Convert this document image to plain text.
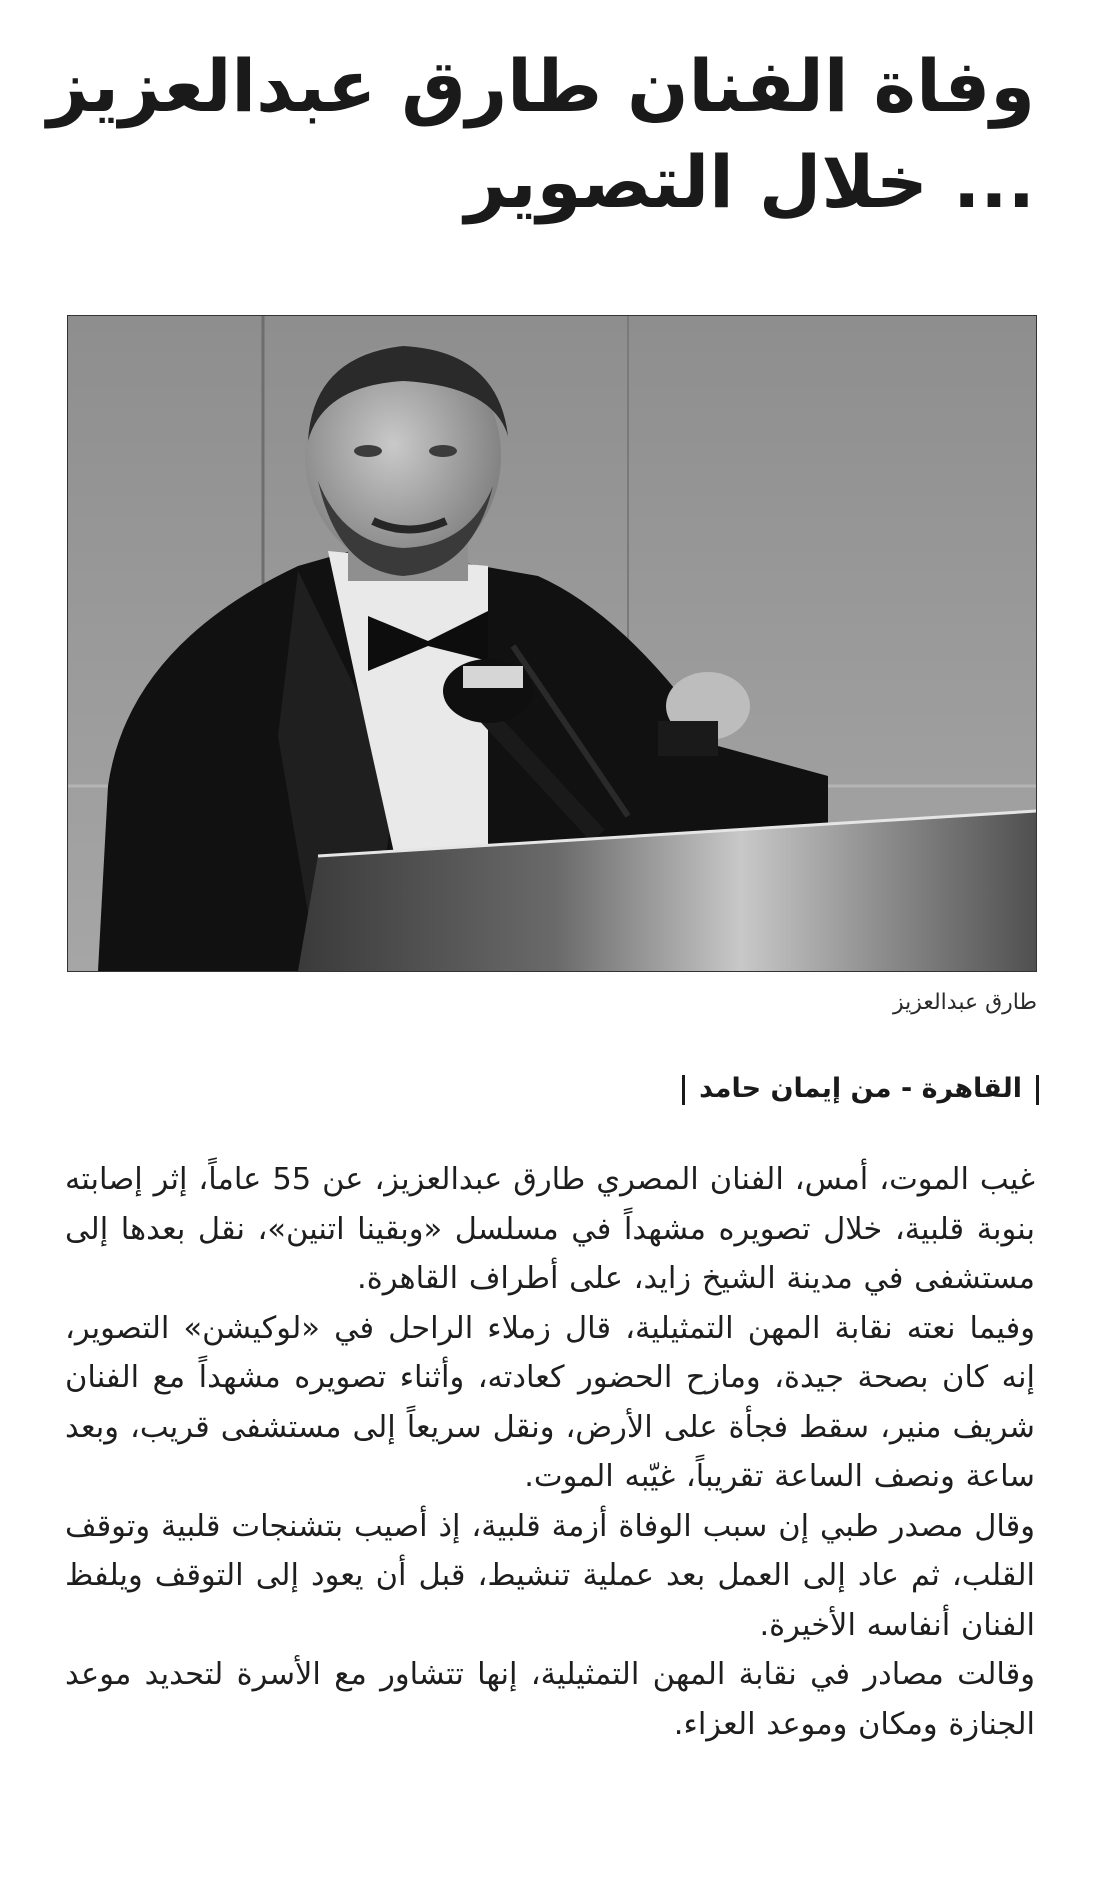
وفاة الفنان طارق عبدالعزيز
... خلال التصوير
طارق عبدالعزيز
القاهرة - من إيمان حامد

غيب الموت، أمس، الفنان المصري طارق عبدالعزيز، عن 55 عاماً، إثر إصابته بنوبة قلبية، خلال تصويره مشهداً في مسلسل «وبقينا اتنين»، نقل بعدها إلى مستشفى في مدينة الشيخ زايد، على أطراف القاهرة.

وفيما نعته نقابة المهن التمثيلية، قال زملاء الراحل في «لوكيشن» التصوير، إنه كان بصحة جيدة، ومازح الحضور كعادته، وأثناء تصويره مشهداً مع الفنان شريف منير، سقط فجأة على الأرض، ونقل سريعاً إلى مستشفى قريب، وبعد ساعة ونصف الساعة تقريباً، غيّبه الموت.

وقال مصدر طبي إن سبب الوفاة أزمة قلبية، إذ أصيب بتشنجات قلبية وتوقف القلب، ثم عاد إلى العمل بعد عملية تنشيط، قبل أن يعود إلى التوقف ويلفظ الفنان أنفاسه الأخيرة.

وقالت مصادر في نقابة المهن التمثيلية، إنها تتشاور مع الأسرة لتحديد موعد الجنازة ومكان وموعد العزاء.
